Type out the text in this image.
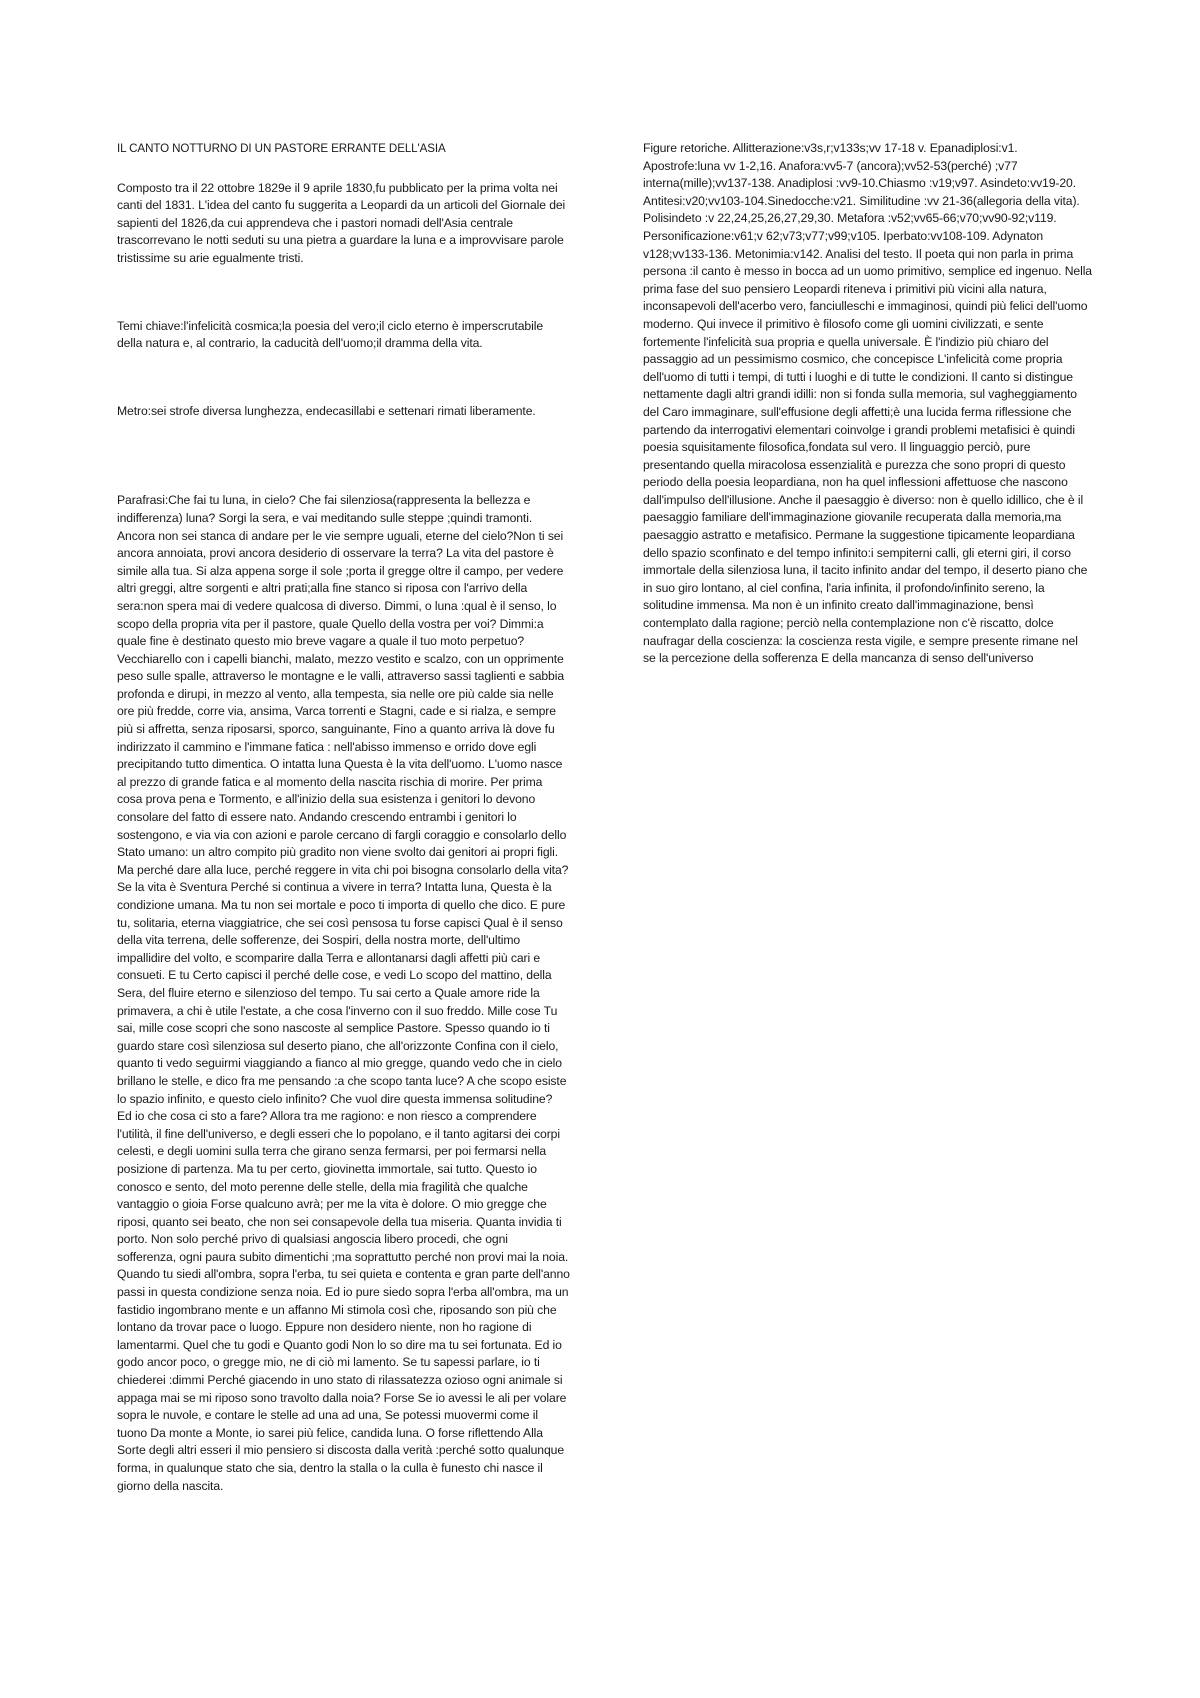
IL CANTO NOTTURNO DI UN PASTORE ERRANTE DELL'ASIA

Composto tra il 22 ottobre 1829e il 9 aprile 1830,fu pubblicato per la prima volta nei canti del 1831. L'idea del canto fu suggerita a Leopardi da un articoli del Giornale dei sapienti del 1826,da cui apprendeva che i pastori nomadi dell'Asia centrale trascorrevano le notti seduti su una pietra a guardare la luna e a improvvisare parole tristissime su arie egualmente tristi.

Temi chiave:l'infelicità cosmica;la poesia del vero;il ciclo eterno è imperscrutabile della natura e, al contrario, la caducità dell'uomo;il dramma della vita.

Metro:sei strofe diversa lunghezza, endecasillabi e settenari rimati liberamente.

Parafrasi:Che fai tu luna, in cielo? Che fai silenziosa(rappresenta la bellezza e indifferenza) luna? Sorgi la sera, e vai meditando sulle steppe ;quindi tramonti. Ancora non sei stanca di andare per le vie sempre uguali, eterne del cielo?Non ti sei ancora annoiata, provi ancora desiderio di osservare la terra? La vita del pastore è simile alla tua. Si alza appena sorge il sole ;porta il gregge oltre il campo, per vedere altri greggi, altre sorgenti e altri prati;alla fine stanco si riposa con l'arrivo della sera:non spera mai di vedere qualcosa di diverso. Dimmi, o luna :qual è il senso, lo scopo della propria vita per il pastore, quale Quello della vostra per voi? Dimmi:a quale fine è destinato questo mio breve vagare a quale il tuo moto perpetuo? Vecchiarello con i capelli bianchi, malato, mezzo vestito e scalzo, con un opprimente peso sulle spalle, attraverso le montagne e le valli, attraverso sassi taglienti e sabbia profonda e dirupi, in mezzo al vento, alla tempesta, sia nelle ore più calde sia nelle ore più fredde, corre via, ansima, Varca torrenti e Stagni, cade e si rialza, e sempre più si affretta, senza riposarsi, sporco, sanguinante, Fino a quanto arriva là dove fu indirizzato il cammino e l'immane fatica : nell'abisso immenso e orrido dove egli precipitando tutto dimentica. O intatta luna Questa è la vita dell'uomo. L'uomo nasce al prezzo di grande fatica e al momento della nascita rischia di morire. Per prima cosa prova pena e Tormento, e all'inizio della sua esistenza i genitori lo devono consolare del fatto di essere nato. Andando crescendo entrambi i genitori lo sostengono, e via via con azioni e parole cercano di fargli coraggio e consolarlo dello Stato umano: un altro compito più gradito non viene svolto dai genitori ai propri figli. Ma perché dare alla luce, perché reggere in vita chi poi bisogna consolarlo della vita? Se la vita è Sventura Perché si continua a vivere in terra? Intatta luna, Questa è la condizione umana. Ma tu non sei mortale e poco ti importa di quello che dico. E pure tu, solitaria, eterna viaggiatrice, che sei così pensosa tu forse capisci Qual è il senso della vita terrena, delle sofferenze, dei Sospiri, della nostra morte, dell'ultimo impallidire del volto, e scomparire dalla Terra e allontanarsi dagli affetti più cari e consueti. E tu Certo capisci il perché delle cose, e vedi Lo scopo del mattino, della Sera, del fluire eterno e silenzioso del tempo. Tu sai certo a Quale amore ride la primavera, a chi è utile l'estate, a che cosa l'inverno con il suo freddo. Mille cose Tu sai, mille cose scopri che sono nascoste al semplice Pastore. Spesso quando io ti guardo stare così silenziosa sul deserto piano, che all'orizzonte Confina con il cielo, quanto ti vedo seguirmi viaggiando a fianco al mio gregge, quando vedo che in cielo brillano le stelle, e dico fra me pensando :a che scopo tanta luce? A che scopo esiste lo spazio infinito, e questo cielo infinito? Che vuol dire questa immensa solitudine? Ed io che cosa ci sto a fare? Allora tra me ragiono: e non riesco a comprendere l'utilità, il fine dell'universo, e degli esseri che lo popolano, e il tanto agitarsi dei corpi celesti, e degli uomini sulla terra che girano senza fermarsi, per poi fermarsi nella posizione di partenza. Ma tu per certo, giovinetta immortale, sai tutto. Questo io conosco e sento, del moto perenne delle stelle, della mia fragilità che qualche vantaggio o gioia Forse qualcuno avrà; per me la vita è dolore. O mio gregge che riposi, quanto sei beato, che non sei consapevole della tua miseria. Quanta invidia ti porto. Non solo perché privo di qualsiasi angoscia libero procedi, che ogni sofferenza, ogni paura subito dimentichi ;ma soprattutto perché non provi mai la noia. Quando tu siedi all'ombra, sopra l'erba, tu sei quieta e contenta e gran parte dell'anno passi in questa condizione senza noia. Ed io pure siedo sopra l'erba all'ombra, ma un fastidio ingombrano mente e un affanno Mi stimola così che, riposando son più che lontano da trovar pace o luogo. Eppure non desidero niente, non ho ragione di lamentarmi. Quel che tu godi e Quanto godi Non lo so dire ma tu sei fortunata. Ed io godo ancor poco, o gregge mio, ne di ciò mi lamento. Se tu sapessi parlare, io ti chiederei :dimmi Perché giacendo in uno stato di rilassatezza ozioso ogni animale si appaga mai se mi riposo sono travolto dalla noia? Forse Se io avessi le ali per volare sopra le nuvole, e contare le stelle ad una ad una, Se potessi muovermi come il tuono Da monte a Monte, io sarei più felice, candida luna. O forse riflettendo Alla Sorte degli altri esseri il mio pensiero si discosta dalla verità :perché sotto qualunque forma, in qualunque stato che sia, dentro la stalla o la culla è funesto chi nasce il giorno della nascita.

Figure retoriche. Allitterazione:v3s,r;v133s;vv 17-18 v. Epanadiplosi:v1. Apostrofe:luna vv 1-2,16. Anafora:vv5-7 (ancora);vv52-53(perché) ;v77 interna(mille);vv137-138. Anadiplosi :vv9-10.Chiasmo :v19;v97. Asindeto:vv19-20. Antitesi:v20;vv103-104.Sinedocche:v21. Similitudine :vv 21-36(allegoria della vita). Polisindeto :v 22,24,25,26,27,29,30. Metafora :v52;vv65-66;v70;vv90-92;v119. Personificazione:v61;v 62;v73;v77;v99;v105. Iperbato:vv108-109. Adynaton v128;vv133-136. Metonimia:v142. Analisi del testo. Il poeta qui non parla in prima persona :il canto è messo in bocca ad un uomo primitivo, semplice ed ingenuo. Nella prima fase del suo pensiero Leopardi riteneva i primitivi più vicini alla natura, inconsapevoli dell'acerbo vero, fanciulleschi e immaginosi, quindi più felici dell'uomo moderno. Qui invece il primitivo è filosofo come gli uomini civilizzati, e sente fortemente l'infelicità sua propria e quella universale. È l'indizio più chiaro del passaggio ad un pessimismo cosmico, che concepisce L'infelicità come propria dell'uomo di tutti i tempi, di tutti i luoghi e di tutte le condizioni. Il canto si distingue nettamente dagli altri grandi idilli: non si fonda sulla memoria, sul vagheggiamento del Caro immaginare, sull'effusione degli affetti;è una lucida ferma riflessione che partendo da interrogativi elementari coinvolge i grandi problemi metafisici è quindi poesia squisitamente filosofica,fondata sul vero. Il linguaggio perciò, pure presentando quella miracolosa essenzialità e purezza che sono propri di questo periodo della poesia leopardiana, non ha quel inflessioni affettuose che nascono dall'impulso dell'illusione. Anche il paesaggio è diverso: non è quello idillico, che è il paesaggio familiare dell'immaginazione giovanile recuperata dalla memoria,ma paesaggio astratto e metafisico. Permane la suggestione tipicamente leopardiana dello spazio sconfinato e del tempo infinito:i sempiterni calli, gli eterni giri, il corso immortale della silenziosa luna, il tacito infinito andar del tempo, il deserto piano che in suo giro lontano, al ciel confina, l'aria infinita, il profondo/infinito sereno, la solitudine immensa. Ma non è un infinito creato dall'immaginazione, bensì contemplato dalla ragione; perciò nella contemplazione non c'è riscatto, dolce naufragar della coscienza: la coscienza resta vigile, e sempre presente rimane nel se la percezione della sofferenza E della mancanza di senso dell'universo
